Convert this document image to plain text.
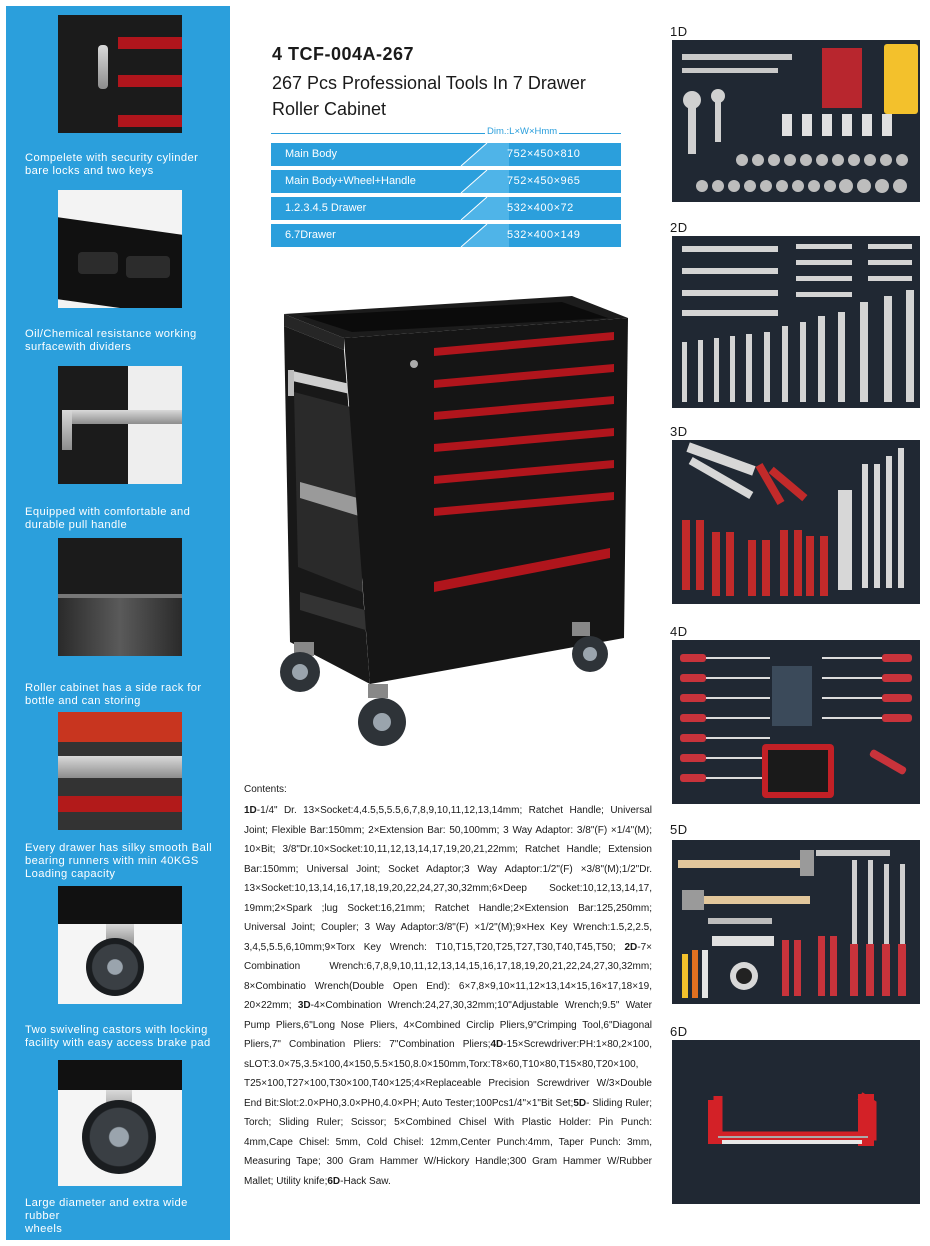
Compelete with security cylinder
bare locks and two keys
Oil/Chemical resistance working
surfacewith dividers
Equipped with comfortable and
durable pull handle
Roller cabinet has a side rack for
bottle and can storing
Every drawer has silky smooth Ball
bearing runners with min 40KGS
Loading capacity
Two swiveling castors with locking
facility with easy access brake pad
Large diameter and extra wide rubber
wheels
4 TCF-004A-267
267 Pcs Professional Tools In 7 Drawer
Roller Cabinet
Dim.:L×W×Hmm
Main Body	752×450×810
Main Body+Wheel+Handle	752×450×965
1.2.3.4.5 Drawer	532×400×72
6.7Drawer	532×400×149
Contents:
1D-1/4" Dr. 13×Socket:4,4.5,5,5.5,6,7,8,9,10,11,12,13,14mm; Ratchet Handle; Universal Joint; Flexible Bar:150mm; 2×Extension Bar: 50,100mm; 3 Way Adaptor: 3/8"(F) ×1/4"(M); 10×Bit; 3/8"Dr.10×Socket:10,11,12,13,14,17,19,20,21,22mm; Ratchet Handle; Extension Bar:150mm; Universal Joint; Socket Adaptor;3 Way Adaptor:1/2"(F) ×3/8"(M);1/2"Dr. 13×Socket:10,13,14,16,17,18,19,20,22,24,27,30,32mm;6×Deep Socket:10,12,13,14,17, 19mm;2×Spark ;lug Socket:16,21mm; Ratchet Handle;2×Extension Bar:125,250mm; Universal Joint; Coupler; 3 Way Adaptor:3/8"(F) ×1/2"(M);9×Hex Key Wrench:1.5,2,2.5, 3,4,5,5.5,6,10mm;9×Torx Key Wrench: T10,T15,T20,T25,T27,T30,T40,T45,T50; 2D-7× Combination Wrench:6,7,8,9,10,11,12,13,14,15,16,17,18,19,20,21,22,24,27,30,32mm; 8×Combinatio Wrench(Double Open End): 6×7,8×9,10×11,12×13,14×15,16×17,18×19, 20×22mm; 3D-4×Combination Wrench:24,27,30,32mm;10"Adjustable Wrench;9.5" Water Pump Pliers,6"Long Nose Pliers, 4×Combined Circlip Pliers,9"Crimping Tool,6"Diagonal Pliers,7" Combination Pliers: 7"Combination Pliers;4D-15×Screwdriver:PH:1×80,2×100, sLOT:3.0×75,3.5×100,4×150,5.5×150,8.0×150mm,Torx:T8×60,T10×80,T15×80,T20×100, T25×100,T27×100,T30×100,T40×125;4×Replaceable Precision Screwdriver W/3×Double End Bit:Slot:2.0×PH0,3.0×PH0,4.0×PH; Auto Tester;100Pcs1/4"×1"Bit Set;5D- Sliding Ruler; Torch; Sliding Ruler; Scissor; 5×Combined Chisel With Plastic Holder: Pin Punch: 4mm,Cape Chisel: 5mm, Cold Chisel: 12mm,Center Punch:4mm, Taper Punch: 3mm, Measuring Tape; 300 Gram Hammer W/Hickory Handle;300 Gram Hammer W/Rubber Mallet; Utility knife;6D-Hack Saw.
1D
2D
3D
4D
5D
6D
